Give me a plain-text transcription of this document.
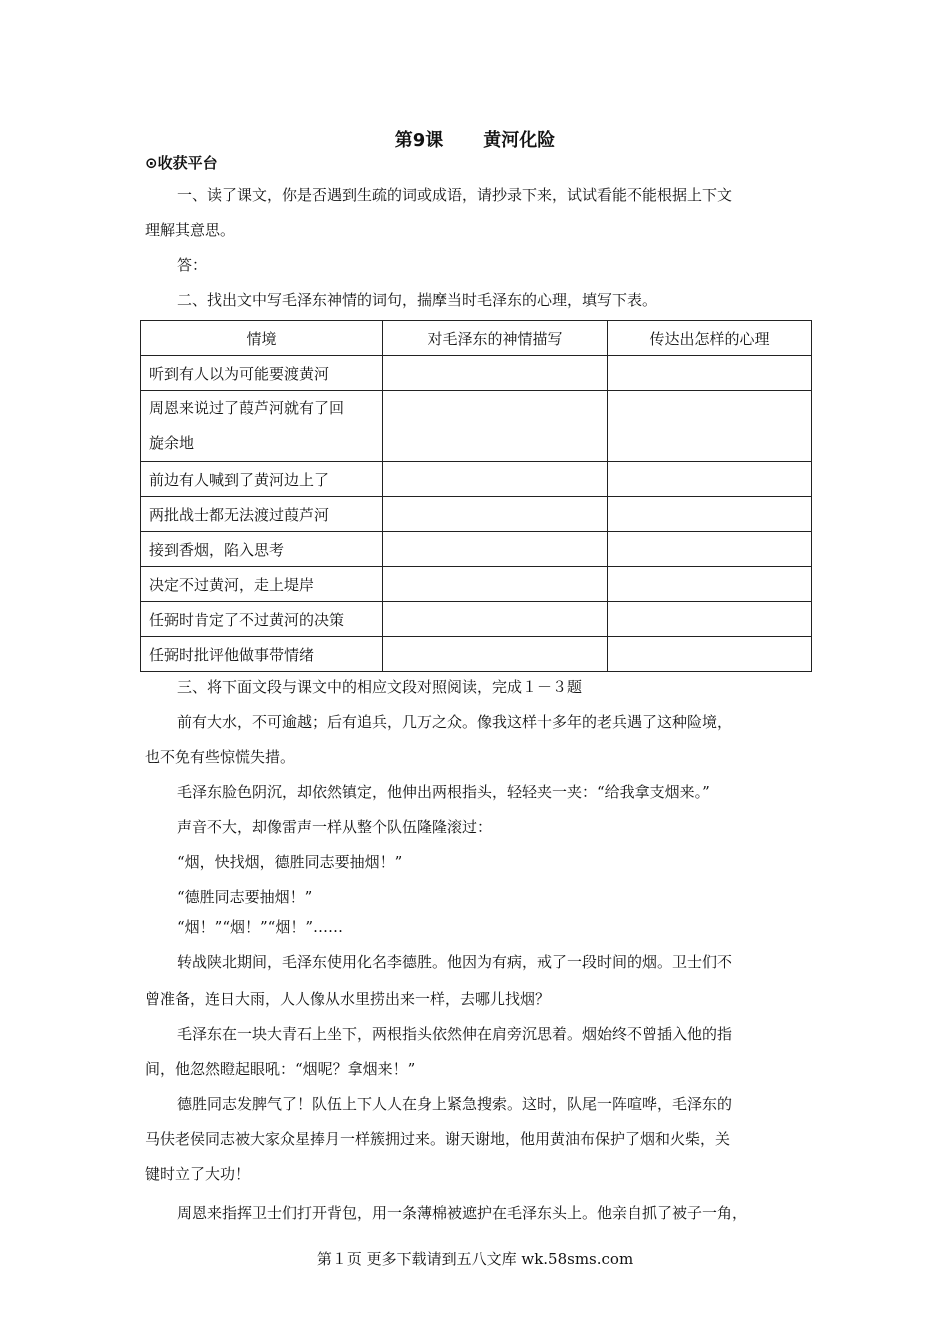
第9课 黄河化险
⊙收获平台

一、读了课文，你是否遇到生疏的词或成语，请抄录下来，试试看能不能根据上下文

理解其意思。

答：

二、找出文中写毛泽东神情的词句，揣摩当时毛泽东的心理，填写下表。

情境	对毛泽东的神情描写	传达出怎样的心理
听到有人以为可能要渡黄河		
周恩来说过了葭芦河就有了回
旋余地		
前边有人喊到了黄河边上了		
两批战士都无法渡过葭芦河		
接到香烟，陷入思考		
决定不过黄河，走上堤岸		
任弼时肯定了不过黄河的决策		
任弼时批评他做事带情绪		

三、将下面文段与课文中的相应文段对照阅读，完成１－３题

前有大水，不可逾越；后有追兵，几万之众。像我这样十多年的老兵遇了这种险境，

也不免有些惊慌失措。

毛泽东脸色阴沉，却依然镇定，他伸出两根指头，轻轻夹一夹：“给我拿支烟来。”

声音不大，却像雷声一样从整个队伍隆隆滚过：

“烟，快找烟，德胜同志要抽烟！”

“德胜同志要抽烟！”

“烟！”“烟！”“烟！”……

转战陕北期间，毛泽东使用化名李德胜。他因为有病，戒了一段时间的烟。卫士们不

曾准备，连日大雨，人人像从水里捞出来一样，去哪儿找烟？

毛泽东在一块大青石上坐下，两根指头依然伸在肩旁沉思着。烟始终不曾插入他的指

间，他忽然瞪起眼吼：“烟呢？拿烟来！”

德胜同志发脾气了！队伍上下人人在身上紧急搜索。这时，队尾一阵喧哗，毛泽东的

马伕老侯同志被大家众星捧月一样簇拥过来。谢天谢地，他用黄油布保护了烟和火柴，关

键时立了大功！

周恩来指挥卫士们打开背包，用一条薄棉被遮护在毛泽东头上。他亲自抓了被子一角，

第１页 更多下载请到五八文库 wk.58sms.com
